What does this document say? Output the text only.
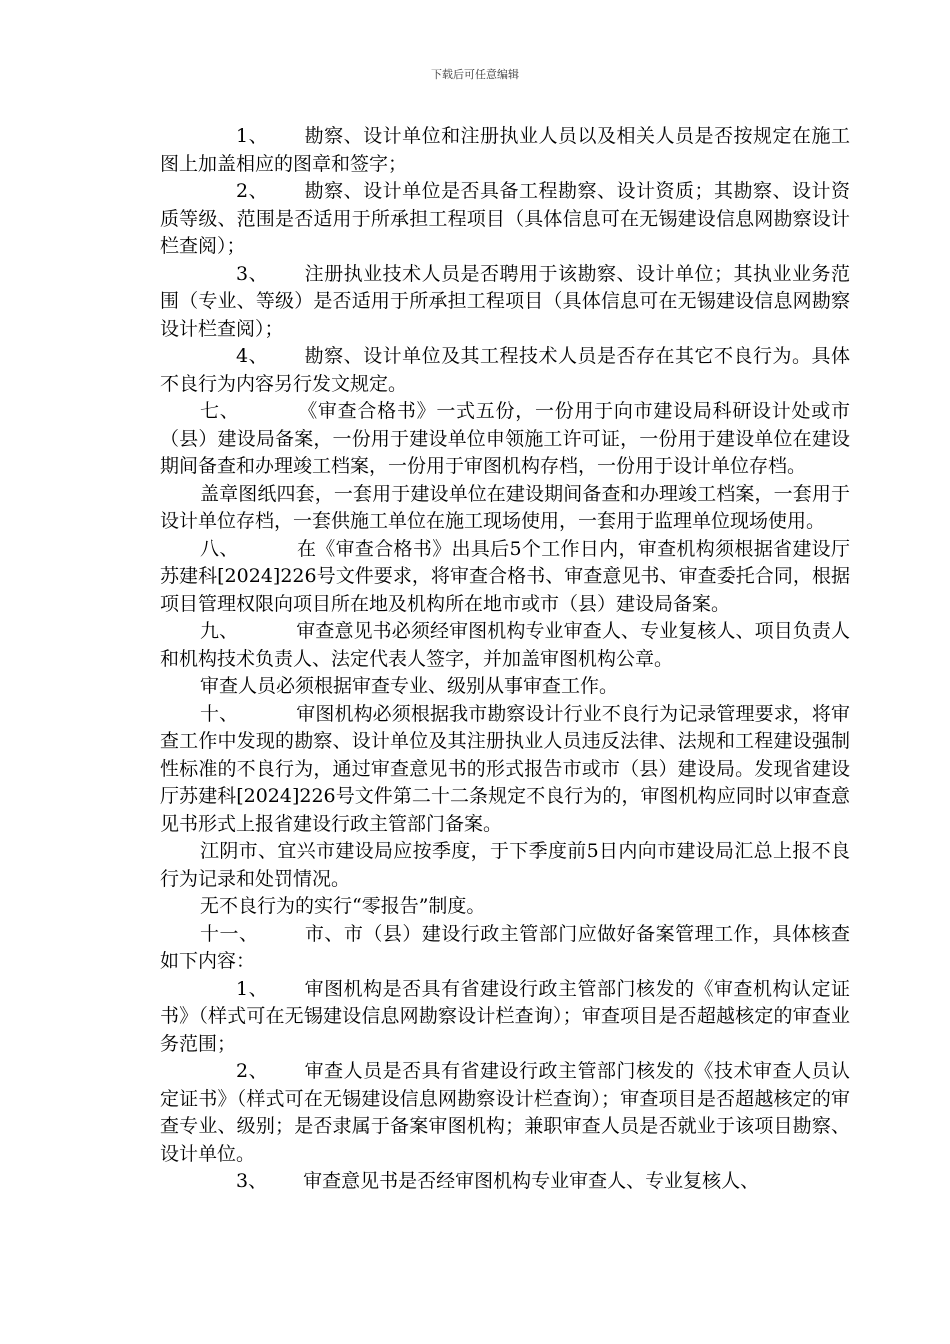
下载后可任意编辑

1、 勘察、设计单位和注册执业人员以及相关人员是否按规定在施工图上加盖相应的图章和签字；

2、 勘察、设计单位是否具备工程勘察、设计资质；其勘察、设计资质等级、范围是否适用于所承担工程项目（具体信息可在无锡建设信息网勘察设计栏查阅）；

3、 注册执业技术人员是否聘用于该勘察、设计单位；其执业业务范围（专业、等级）是否适用于所承担工程项目（具体信息可在无锡建设信息网勘察设计栏查阅）；

4、 勘察、设计单位及其工程技术人员是否存在其它不良行为。具体不良行为内容另行发文规定。

七、	《审查合格书》一式五份，一份用于向市建设局科研设计处或市（县）建设局备案，一份用于建设单位申领施工许可证，一份用于建设单位在建设期间备查和办理竣工档案，一份用于审图机构存档，一份用于设计单位存档。

盖章图纸四套，一套用于建设单位在建设期间备查和办理竣工档案，一套用于设计单位存档，一套供施工单位在施工现场使用，一套用于监理单位现场使用。

八、	在《审查合格书》出具后5个工作日内，审查机构须根据省建设厅苏建科[2024]226号文件要求，将审查合格书、审查意见书、审查委托合同，根据项目管理权限向项目所在地及机构所在地市或市（县）建设局备案。

九、	审查意见书必须经审图机构专业审查人、专业复核人、项目负责人和机构技术负责人、法定代表人签字，并加盖审图机构公章。

审查人员必须根据审查专业、级别从事审查工作。

十、	审图机构必须根据我市勘察设计行业不良行为记录管理要求，将审查工作中发现的勘察、设计单位及其注册执业人员违反法律、法规和工程建设强制性标准的不良行为，通过审查意见书的形式报告市或市（县）建设局。发现省建设厅苏建科[2024]226号文件第二十二条规定不良行为的，审图机构应同时以审查意见书形式上报省建设行政主管部门备案。

江阴市、宜兴市建设局应按季度，于下季度前5日内向市建设局汇总上报不良行为记录和处罚情况。

无不良行为的实行“零报告”制度。

十一、 市、市（县）建设行政主管部门应做好备案管理工作，具体核查如下内容：

1、 审图机构是否具有省建设行政主管部门核发的《审查机构认定证书》（样式可在无锡建设信息网勘察设计栏查询）；审查项目是否超越核定的审查业务范围；

2、 审查人员是否具有省建设行政主管部门核发的《技术审查人员认定证书》（样式可在无锡建设信息网勘察设计栏查询）；审查项目是否超越核定的审查专业、级别；是否隶属于备案审图机构；兼职审查人员是否就业于该项目勘察、设计单位。

3、 审查意见书是否经审图机构专业审查人、专业复核人、
